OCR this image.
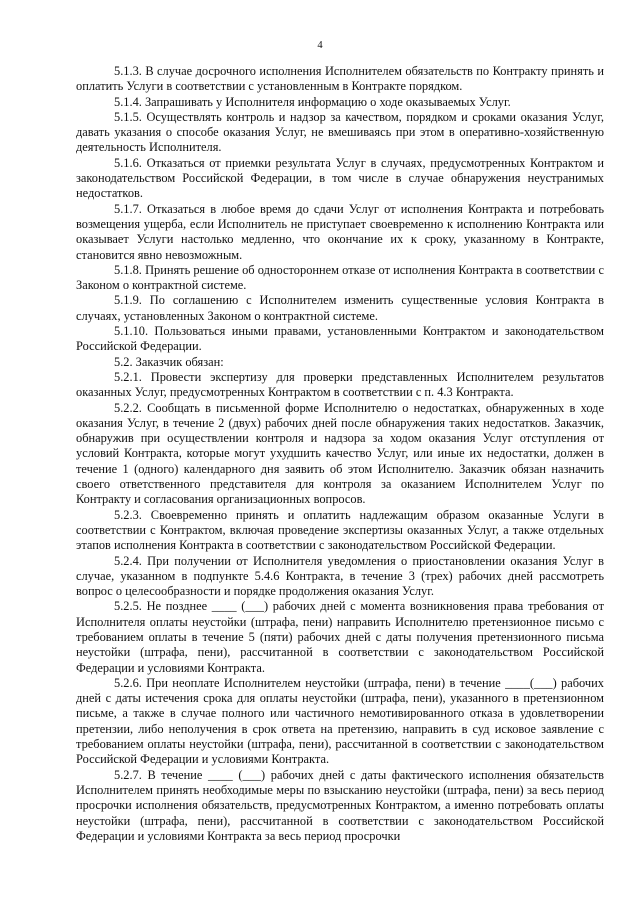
4

5.1.3. В случае досрочного исполнения Исполнителем обязательств по Контракту принять и оплатить Услуги в соответствии с установленным в Контракте порядком.

5.1.4. Запрашивать у Исполнителя информацию о ходе оказываемых Услуг.

5.1.5. Осуществлять контроль и надзор за качеством, порядком и сроками оказания Услуг, давать указания о способе оказания Услуг, не вмешиваясь при этом в оперативно-хозяйственную деятельность Исполнителя.

5.1.6. Отказаться от приемки результата Услуг в случаях, предусмотренных Контрактом и законодательством Российской Федерации, в том числе в случае обнаружения неустранимых недостатков.

5.1.7. Отказаться в любое время до сдачи Услуг от исполнения Контракта и потребовать возмещения ущерба, если Исполнитель не приступает своевременно к исполнению Контракта или оказывает Услуги настолько медленно, что окончание их к сроку, указанному в Контракте, становится явно невозможным.

5.1.8. Принять решение об одностороннем отказе от исполнения Контракта в соответствии с Законом о контрактной системе.

5.1.9. По соглашению с Исполнителем изменить существенные условия Контракта в случаях, установленных Законом о контрактной системе.

5.1.10. Пользоваться иными правами, установленными Контрактом и законодательством Российской Федерации.

5.2. Заказчик обязан:

5.2.1. Провести экспертизу для проверки представленных Исполнителем результатов оказанных Услуг, предусмотренных Контрактом в соответствии с п. 4.3 Контракта.

5.2.2. Сообщать в письменной форме Исполнителю о недостатках, обнаруженных в ходе оказания Услуг, в течение 2 (двух) рабочих дней после обнаружения таких недостатков. Заказчик, обнаружив при осуществлении контроля и надзора за ходом оказания Услуг отступления от условий Контракта, которые могут ухудшить качество Услуг, или иные их недостатки, должен в течение 1 (одного) календарного дня заявить об этом Исполнителю. Заказчик обязан назначить своего ответственного представителя для контроля за оказанием Исполнителем Услуг по Контракту и согласования организационных вопросов.

5.2.3. Своевременно принять и оплатить надлежащим образом оказанные Услуги в соответствии с Контрактом, включая проведение экспертизы оказанных Услуг, а также отдельных этапов исполнения Контракта в соответствии с законодательством Российской Федерации.

5.2.4. При получении от Исполнителя уведомления о приостановлении оказания Услуг в случае, указанном в подпункте 5.4.6 Контракта, в течение 3 (трех) рабочих дней рассмотреть вопрос о целесообразности и порядке продолжения оказания Услуг.

5.2.5. Не позднее ____ (___) рабочих дней с момента возникновения права требования от Исполнителя оплаты неустойки (штрафа, пени) направить Исполнителю претензионное письмо с требованием оплаты в течение 5 (пяти) рабочих дней с даты получения претензионного письма неустойки (штрафа, пени), рассчитанной в соответствии с законодательством Российской Федерации и условиями Контракта.

5.2.6. При неоплате Исполнителем неустойки (штрафа, пени) в течение ____(___) рабочих дней с даты истечения срока для оплаты неустойки (штрафа, пени), указанного в претензионном письме, а также в случае полного или частичного немотивированного отказа в удовлетворении претензии, либо неполучения в срок ответа на претензию, направить в суд исковое заявление с требованием оплаты неустойки (штрафа, пени), рассчитанной в соответствии с законодательством Российской Федерации и условиями Контракта.

5.2.7. В течение ____ (___) рабочих дней с даты фактического исполнения обязательств Исполнителем принять необходимые меры по взысканию неустойки (штрафа, пени) за весь период просрочки исполнения обязательств, предусмотренных Контрактом, а именно потребовать оплаты неустойки (штрафа, пени), рассчитанной в соответствии с законодательством Российской Федерации и условиями Контракта за весь период просрочки
